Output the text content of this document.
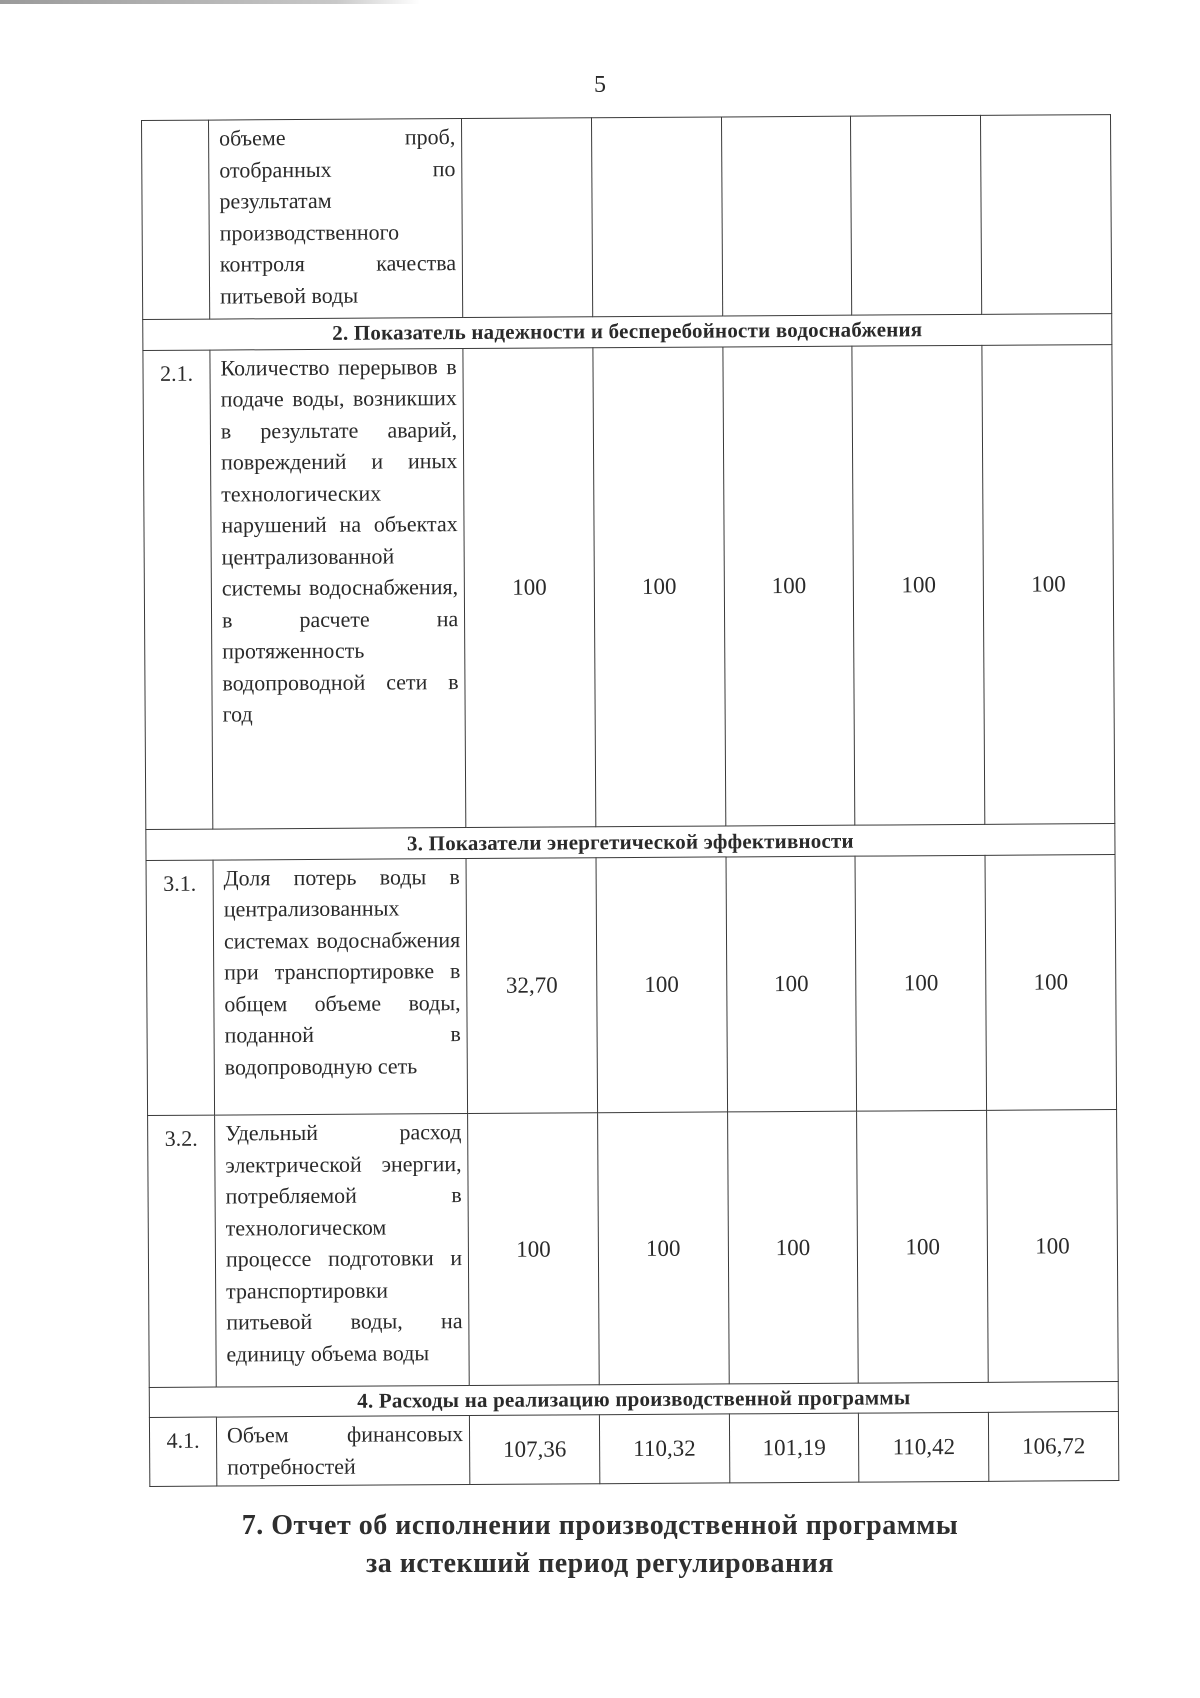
5
	объеме проб, отобранных по результатам производственного контроля качества питьевой воды					
2. Показатель надежности и бесперебойности водоснабжения						
2.1.	Количество перерывов в подаче воды, возникших в результате аварий, повреждений и иных технологических нарушений на объектах централизованной системы водоснабжения, в расчете на протяженность водопроводной сети в год	100	100	100	100	100
3. Показатели энергетической эффективности						
3.1.	Доля потерь воды в централизованных системах водоснабжения при транспортировке в общем объеме воды, поданной в водопроводную сеть	32,70	100	100	100	100
3.2.	Удельный расход электрической энергии, потребляемой в технологическом процессе подготовки и транспортировки питьевой воды, на единицу объема воды	100	100	100	100	100
4. Расходы на реализацию производственной программы						
4.1.	Объем финансовых потребностей	107,36	110,32	101,19	110,42	106,72
7. Отчет об исполнении производственной программы
за истекший период регулирования
